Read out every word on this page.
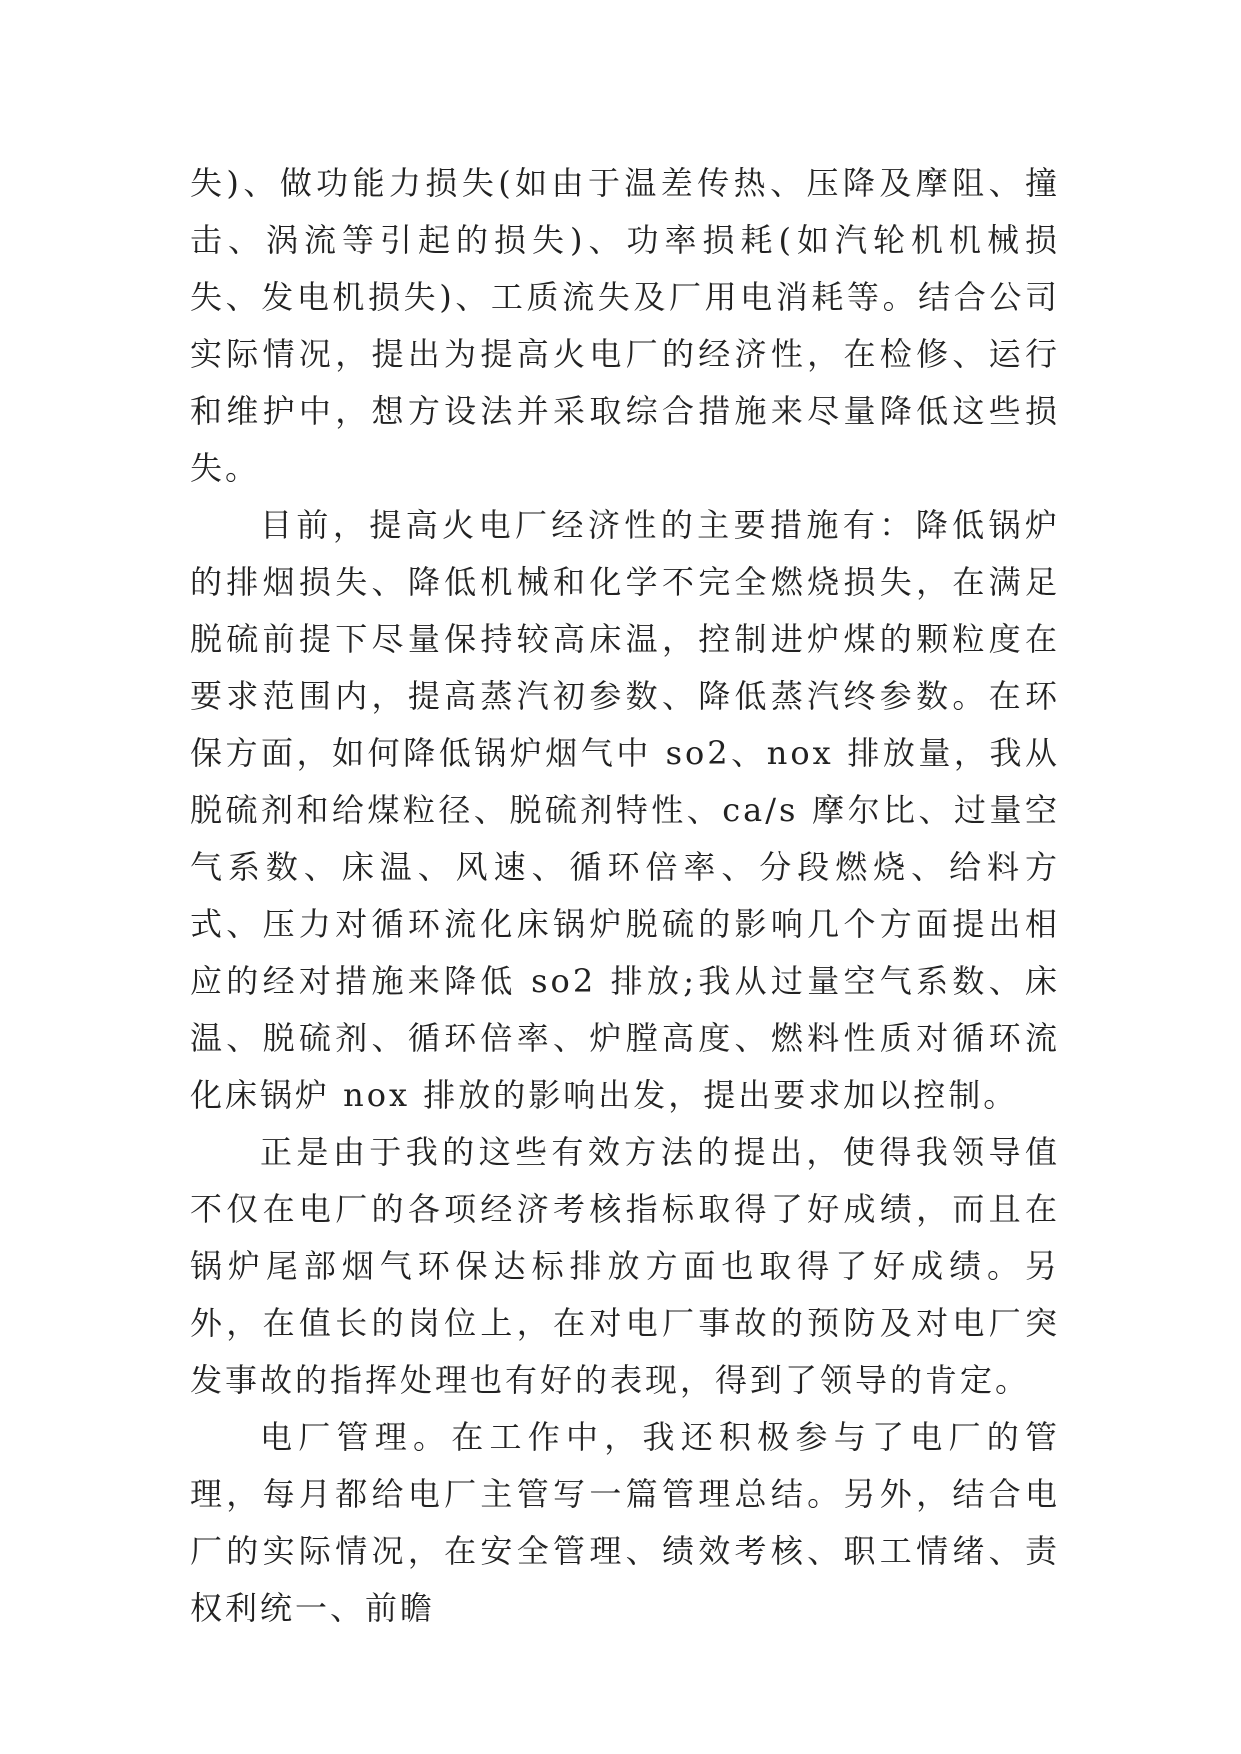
失)、做功能力损失(如由于温差传热、压降及摩阻、撞击、涡流等引起的损失)、功率损耗(如汽轮机机械损失、发电机损失)、工质流失及厂用电消耗等。结合公司实际情况，提出为提高火电厂的经济性，在检修、运行和维护中，想方设法并采取综合措施来尽量降低这些损失。

目前，提高火电厂经济性的主要措施有：降低锅炉的排烟损失、降低机械和化学不完全燃烧损失，在满足脱硫前提下尽量保持较高床温，控制进炉煤的颗粒度在要求范围内，提高蒸汽初参数、降低蒸汽终参数。在环保方面，如何降低锅炉烟气中 so2、nox 排放量，我从脱硫剂和给煤粒径、脱硫剂特性、ca/s 摩尔比、过量空气系数、床温、风速、循环倍率、分段燃烧、给料方式、压力对循环流化床锅炉脱硫的影响几个方面提出相应的经对措施来降低 so2 排放;我从过量空气系数、床温、脱硫剂、循环倍率、炉膛高度、燃料性质对循环流化床锅炉 nox 排放的影响出发，提出要求加以控制。

正是由于我的这些有效方法的提出，使得我领导值不仅在电厂的各项经济考核指标取得了好成绩，而且在锅炉尾部烟气环保达标排放方面也取得了好成绩。另外，在值长的岗位上，在对电厂事故的预防及对电厂突发事故的指挥处理也有好的表现，得到了领导的肯定。

电厂管理。在工作中，我还积极参与了电厂的管理，每月都给电厂主管写一篇管理总结。另外，结合电厂的实际情况，在安全管理、绩效考核、职工情绪、责权利统一、前瞻
